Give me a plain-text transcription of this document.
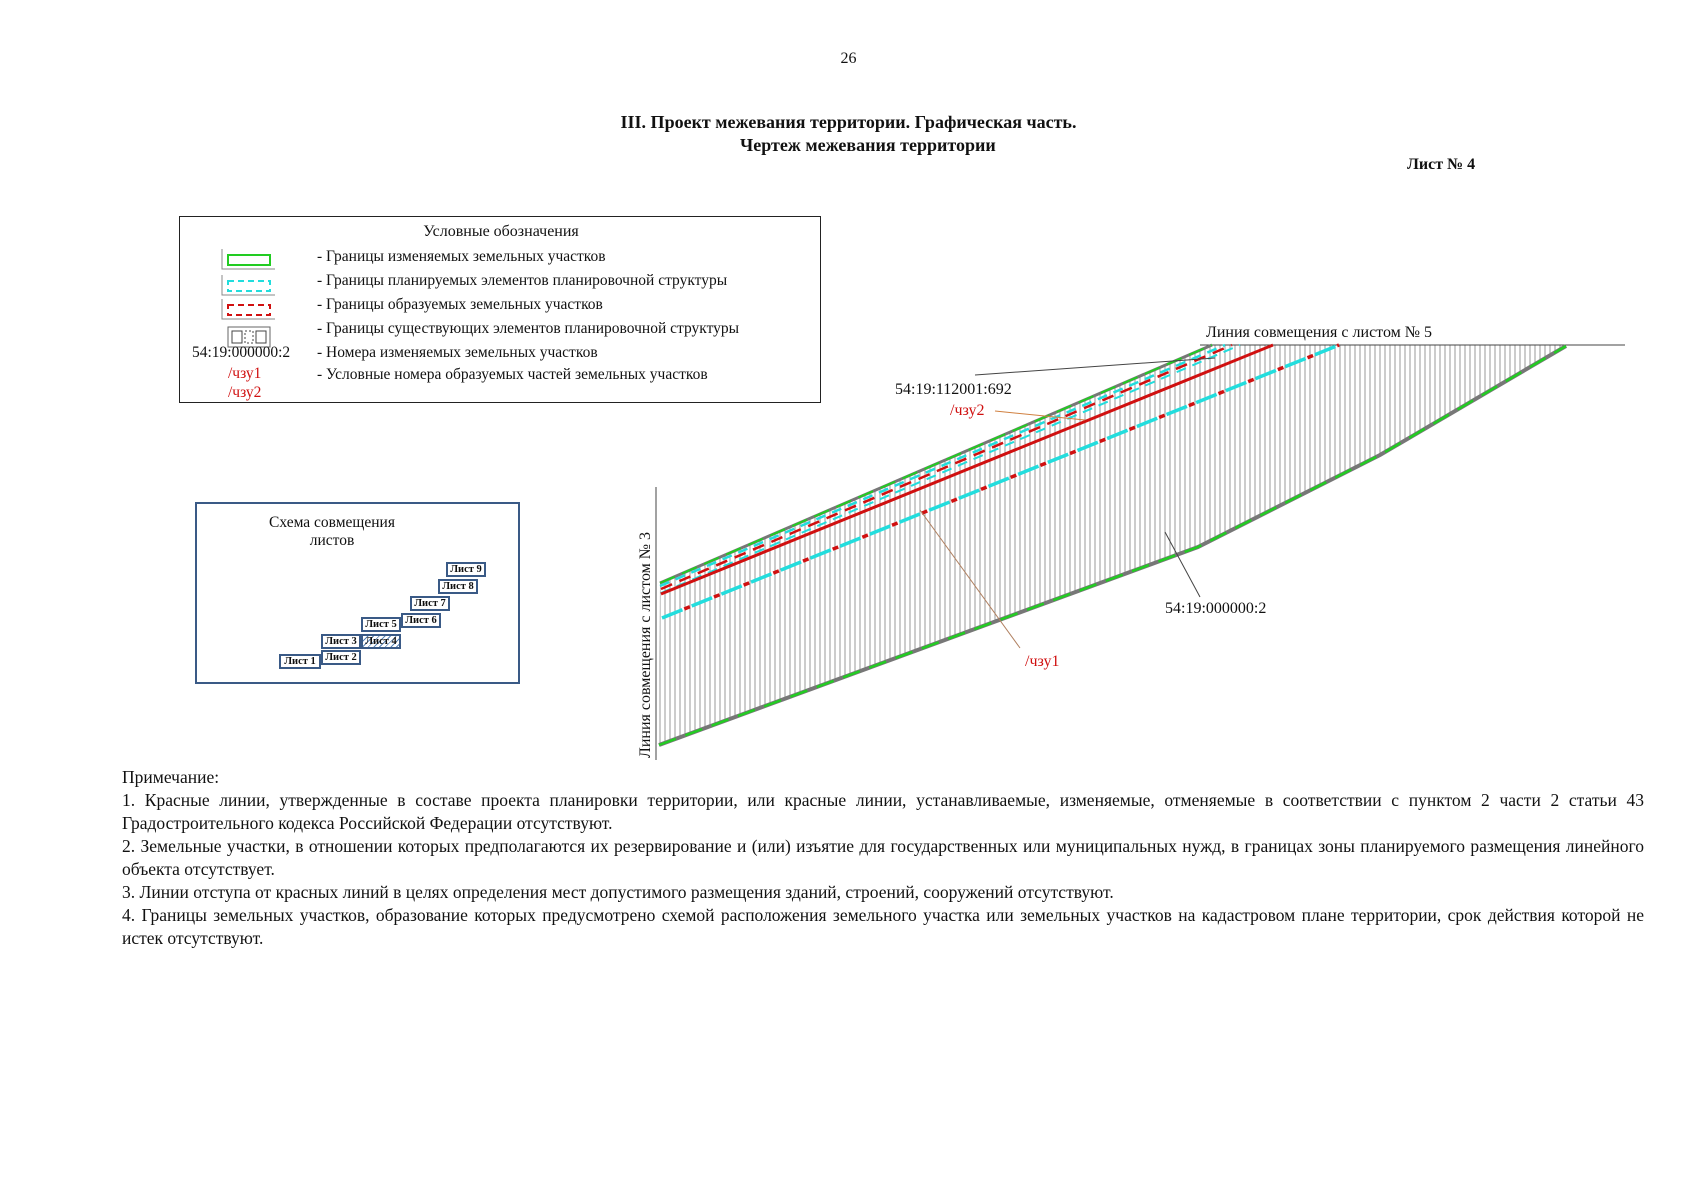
26
III. Проект межевания территории. Графическая часть.
Чертеж межевания территории
Лист № 4
Условные обозначения
54:19:000000:2
/чзу1
/чзу2
- Границы изменяемых земельных участков
- Границы планируемых элементов планировочной структуры
- Границы образуемых земельных участков
- Границы существующих элементов планировочной структуры
- Номера изменяемых земельных участков
- Условные номера образуемых частей земельных участков
Схема совмещения
листов
Лист 1 Лист 2
Лист 3 Лист 4
Лист 5 Лист 6
Лист 7
Лист 8
Лист 9
Линия совмещения с листом № 5
54:19:112001:692
/чзу2
54:19:000000:2
/чзу1
Линия совмещения с листом № 3

Примечание:

1. Красные линии, утвержденные в составе проекта планировки территории, или красные линии, устанавливаемые, изменяемые, отменяемые в соответствии с пунктом 2 части 2 статьи 43 Градостроительного кодекса Российской Федерации отсутствуют.

2. Земельные участки, в отношении которых предполагаются их резервирование и (или) изъятие для государственных или муниципальных нужд, в границах зоны планируемого размещения линейного объекта отсутствует.

3. Линии отступа от красных линий в целях определения мест допустимого размещения зданий, строений, сооружений отсутствуют.

4. Границы земельных участков, образование которых предусмотрено схемой расположения земельного участка или земельных участков на кадастровом плане территории, срок действия которой не истек отсутствуют.
